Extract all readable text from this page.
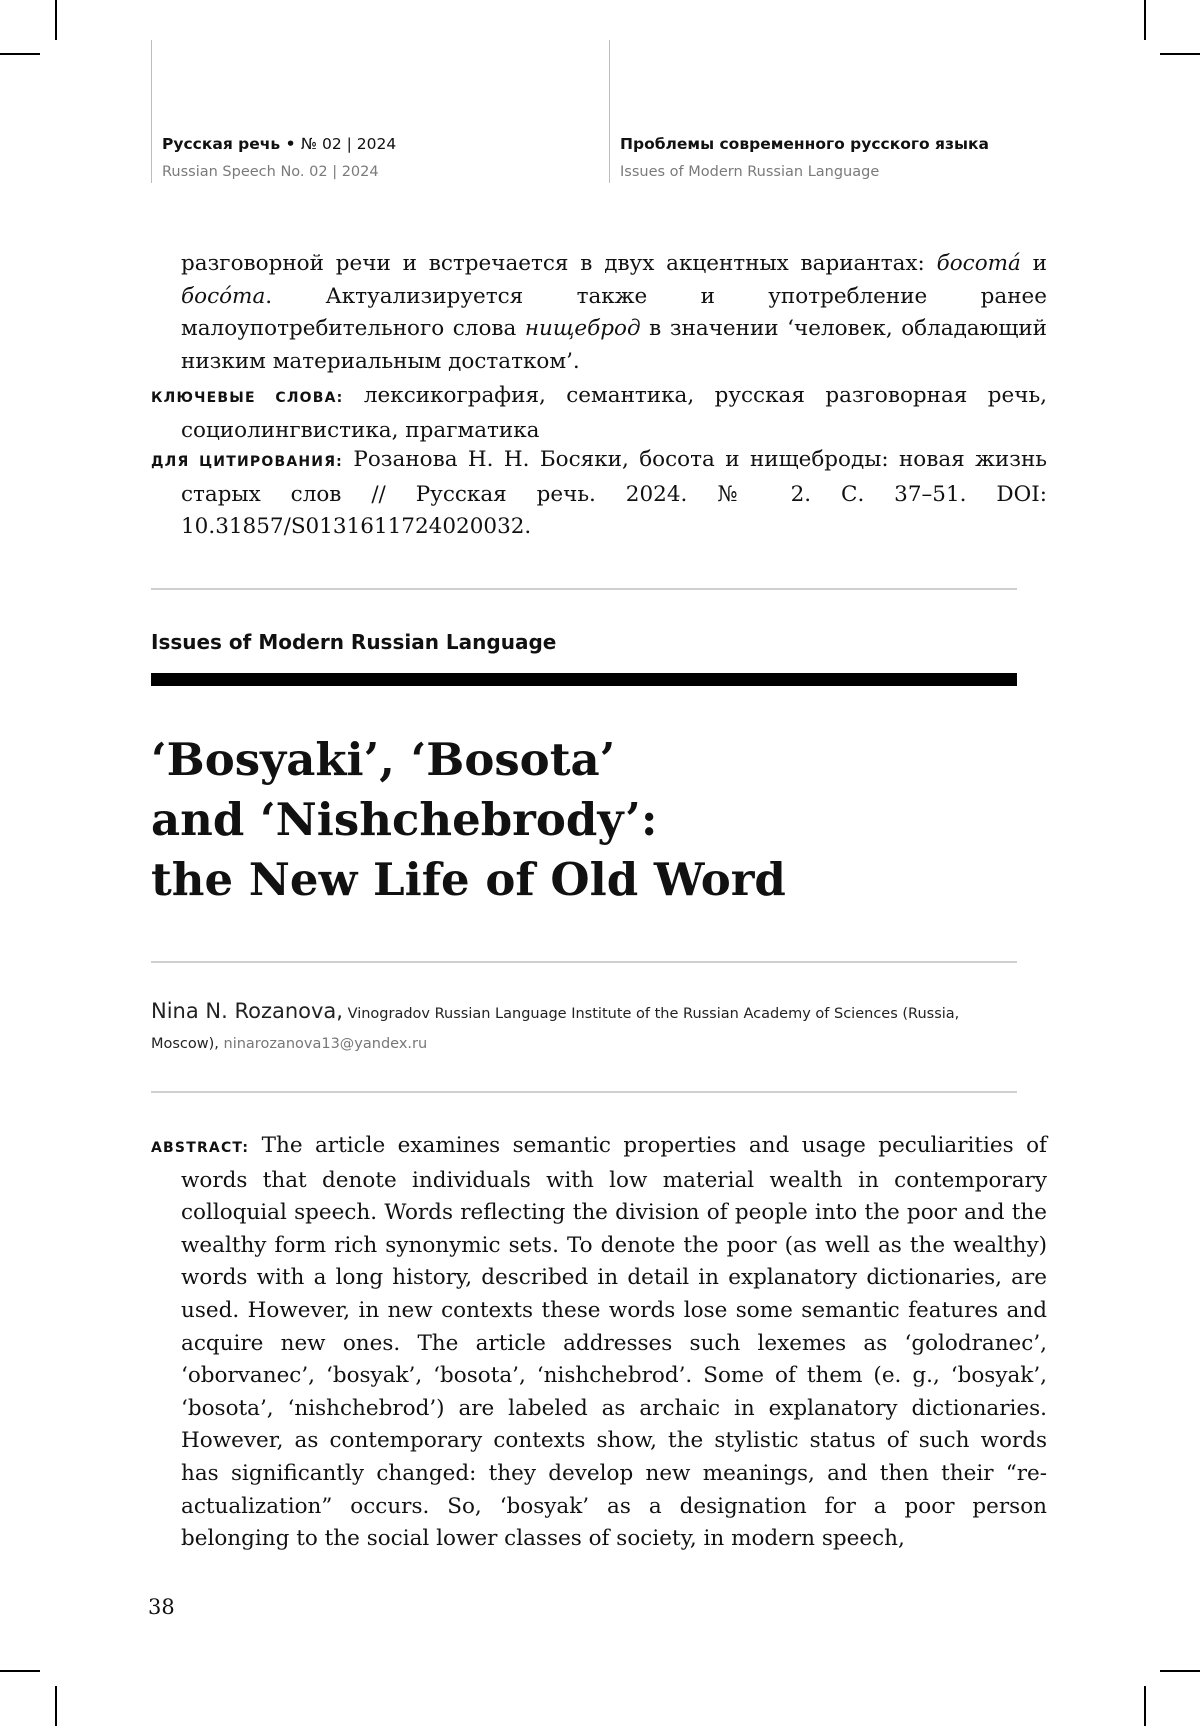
Русская речь • № 02 | 2024
Russian Speech No. 02 | 2024
Проблемы современного русского языка
Issues of Modern Russian Language
разговорной речи и встречается в двух акцентных вариантах: босота́ и босо́та. Актуализируется также и употребление ранее малоупотребительного слова нищеброд в значении ‘человек, обладающий низким материальным достатком’.
КЛЮЧЕВЫЕ СЛОВА: лексикография, семантика, русская разговорная речь, социолингвистика, прагматика
ДЛЯ ЦИТИРОВАНИЯ: Розанова Н. Н. Босяки, босота и нищеброды: новая жизнь старых слов // Русская речь. 2024. № 2. С. 37–51. DOI: 10.31857/S0131611724020032.
Issues of Modern Russian Language
‘Bosyaki’, ‘Bosota’
and ‘Nishchebrody’:
the New Life of Old Word
Nina N. Rozanova, Vinogradov Russian Language Institute of the Russian Academy of Sciences (Russia, Moscow), ninarozanova13@yandex.ru
ABSTRACT: The article examines semantic properties and usage peculiarities of words that denote individuals with low material wealth in contemporary colloquial speech. Words reflecting the division of people into the poor and the wealthy form rich synonymic sets. To denote the poor (as well as the wealthy) words with a long history, described in detail in explanatory dictionaries, are used. However, in new contexts these words lose some semantic features and acquire new ones. The article addresses such lexemes as ‘golodranec’, ‘oborvanec’, ‘bosyak’, ‘bosota’, ‘nishchebrod’. Some of them (e. g., ‘bosyak’, ‘bosota’, ‘nishchebrod’) are labeled as archaic in explanatory dictionaries. However, as contemporary contexts show, the stylistic status of such words has significantly changed: they develop new meanings, and then their “re-actualization” occurs. So, ‘bosyak’ as a designation for a poor person belonging to the social lower classes of society, in modern speech,
38
